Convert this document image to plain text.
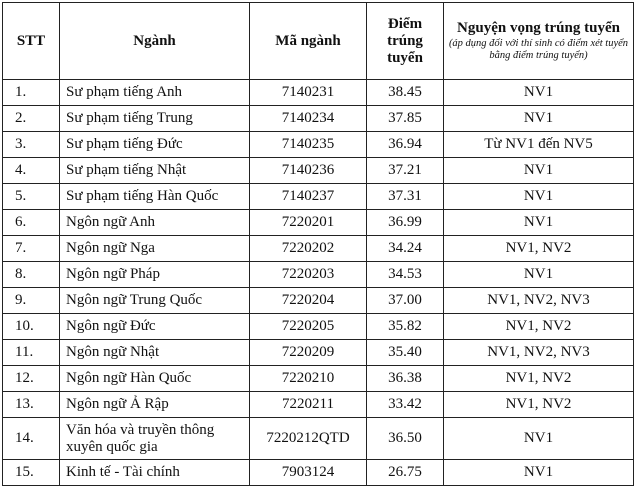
STT	Ngành	Mã ngành	Điểm trúng tuyển	Nguyện vọng trúng tuyển
(áp dụng đối với thí sinh có điểm xét tuyển bằng điểm trúng tuyển)

1.	Sư phạm tiếng Anh	7140231	38.45	NV1
2.	Sư phạm tiếng Trung	7140234	37.85	NV1
3.	Sư phạm tiếng Đức	7140235	36.94	Từ NV1 đến NV5
4.	Sư phạm tiếng Nhật	7140236	37.21	NV1
5.	Sư phạm tiếng Hàn Quốc	7140237	37.31	NV1
6.	Ngôn ngữ Anh	7220201	36.99	NV1
7.	Ngôn ngữ Nga	7220202	34.24	NV1, NV2
8.	Ngôn ngữ Pháp	7220203	34.53	NV1
9.	Ngôn ngữ Trung Quốc	7220204	37.00	NV1, NV2, NV3
10.	Ngôn ngữ Đức	7220205	35.82	NV1, NV2
11.	Ngôn ngữ Nhật	7220209	35.40	NV1, NV2, NV3
12.	Ngôn ngữ Hàn Quốc	7220210	36.38	NV1, NV2
13.	Ngôn ngữ Ả Rập	7220211	33.42	NV1, NV2
14.	Văn hóa và truyền thông xuyên quốc gia	7220212QTD	36.50	NV1
15.	Kinh tế - Tài chính	7903124	26.75	NV1
